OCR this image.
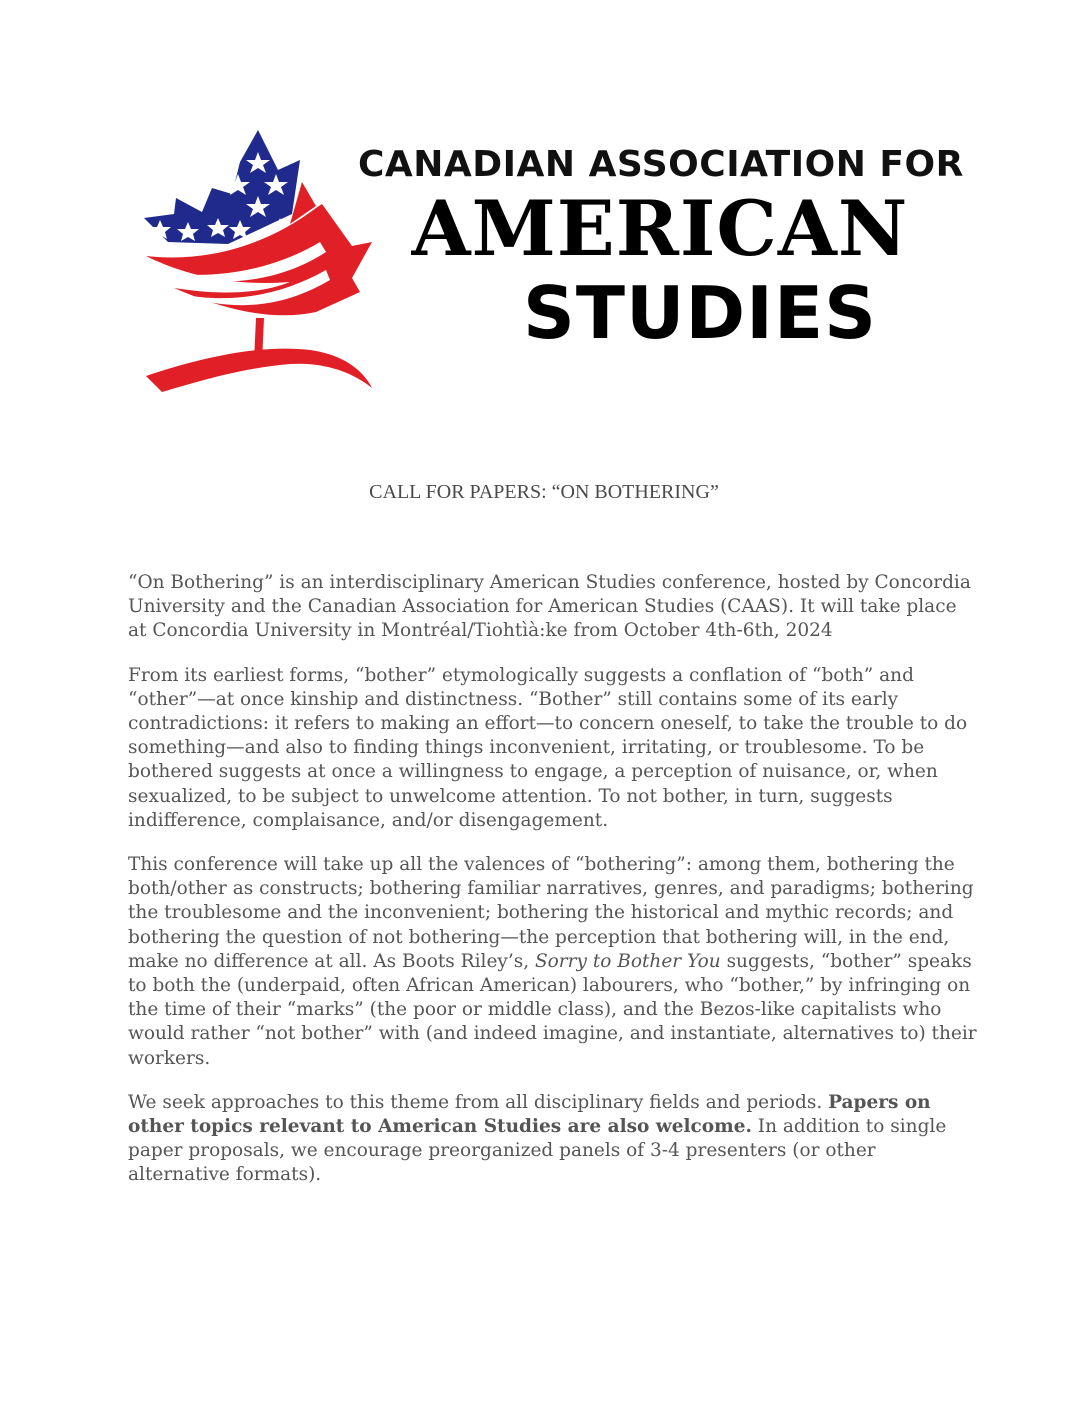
CANADIAN ASSOCIATION FOR
AMERICAN
STUDIES
CALL FOR PAPERS: “ON BOTHERING”

“On Bothering” is an interdisciplinary American Studies conference, hosted by Concordia University and the Canadian Association for American Studies (CAAS). It will take place at Concordia University in Montréal/Tiohtìà:ke from October 4th-6th, 2024

From its earliest forms, “bother” etymologically suggests a conflation of “both” and “other”—at once kinship and distinctness. “Bother” still contains some of its early contradictions: it refers to making an effort—to concern oneself, to take the trouble to do something—and also to finding things inconvenient, irritating, or troublesome. To be bothered suggests at once a willingness to engage, a perception of nuisance, or, when sexualized, to be subject to unwelcome attention. To not bother, in turn, suggests indifference, complaisance, and/or disengagement.

This conference will take up all the valences of “bothering”: among them, bothering the both/other as constructs; bothering familiar narratives, genres, and paradigms; bothering the troublesome and the inconvenient; bothering the historical and mythic records; and bothering the question of not bothering—the perception that bothering will, in the end, make no difference at all. As Boots Riley’s, Sorry to Bother You suggests, “bother” speaks to both the (underpaid, often African American) labourers, who “bother,” by infringing on the time of their “marks” (the poor or middle class), and the Bezos-like capitalists who would rather “not bother” with (and indeed imagine, and instantiate, alternatives to) their workers.

We seek approaches to this theme from all disciplinary fields and periods. Papers on other topics relevant to American Studies are also welcome. In addition to single paper proposals, we encourage preorganized panels of 3-4 presenters (or other alternative formats).
